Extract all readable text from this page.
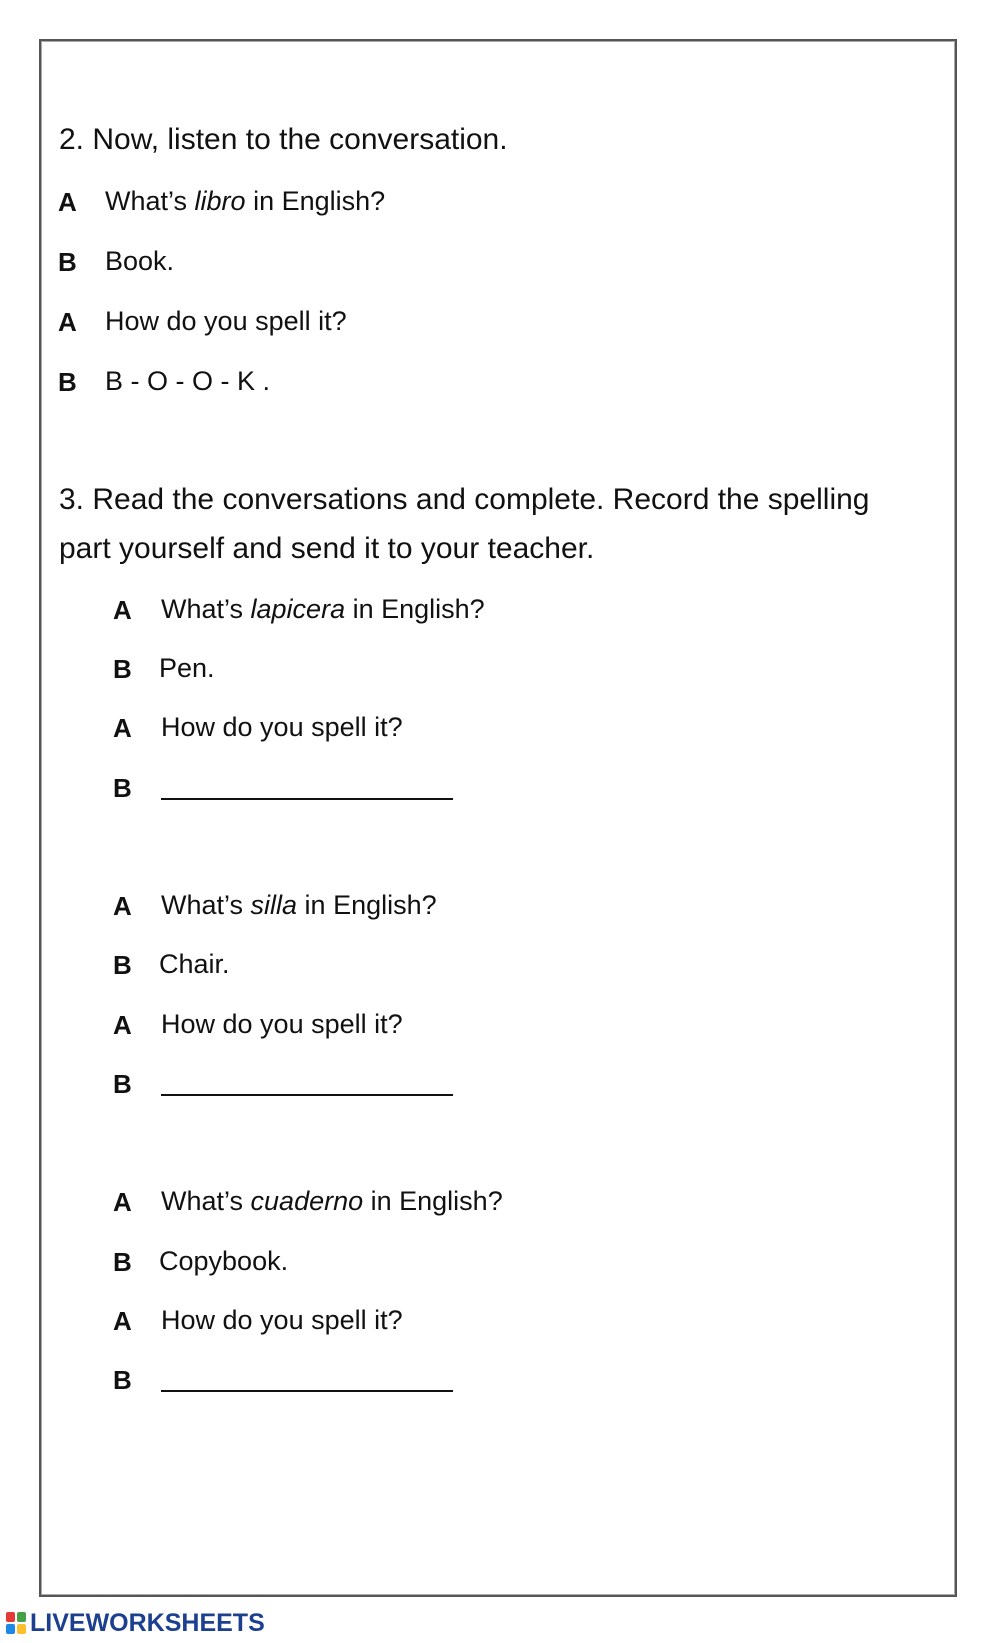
2. Now, listen to the conversation.
A What’s libro in English?
B Book.
A How do you spell it?
B B - O - O - K .
3. Read the conversations and complete. Record the spelling
part yourself and send it to your teacher.
A What’s lapicera in English?
B Pen.
A How do you spell it?
B
A What’s silla in English?
B Chair.
A How do you spell it?
B
A What’s cuaderno in English?
B Copybook.
A How do you spell it?
B
LIVEWORKSHEETS
